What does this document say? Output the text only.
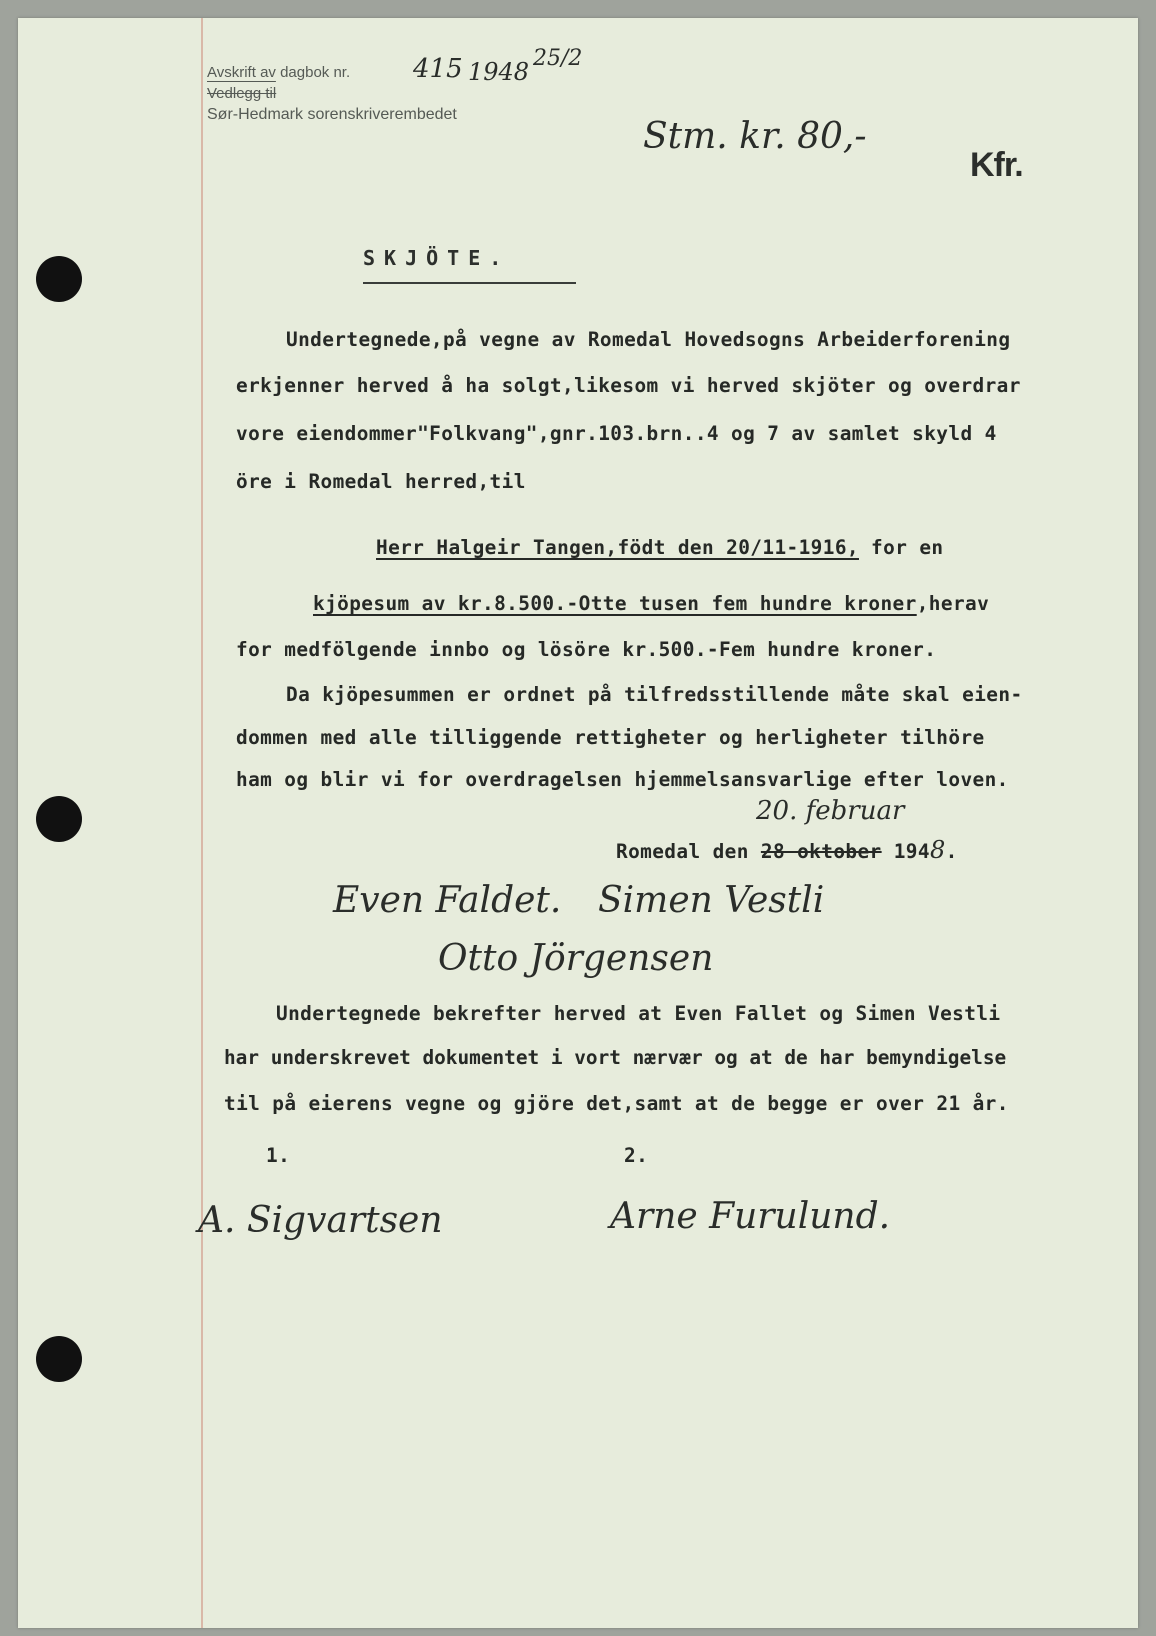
Avskrift av dagbok nr.
Vedlegg til
Sør-Hedmark sorenskriverembedet
415 1948 25/2
Stm. kr. 80,-
Kfr.
SKJÖTE.
Undertegnede,på vegne av Romedal Hovedsogns Arbeiderforening
erkjenner herved å ha solgt,likesom vi herved skjöter og overdrar
vore eiendommer"Folkvang",gnr.103.brn..4 og 7 av samlet skyld 4
öre i Romedal herred,til
Herr Halgeir Tangen,födt den 20/11-1916, for en
kjöpesum av kr.8.500.-Otte tusen fem hundre kroner,herav
for medfölgende innbo og lösöre kr.500.-Fem hundre kroner.
Da kjöpesummen er ordnet på tilfredsstillende måte skal eien-
dommen med alle tilliggende rettigheter og herligheter tilhöre
ham og blir vi for overdragelsen hjemmelsansvarlige efter loven.
20. februar
Romedal den 28 oktober 1948.
Even Faldet. Simen Vestli
Otto Jörgensen
Undertegnede bekrefter herved at Even Fallet og Simen Vestli
har underskrevet dokumentet i vort nærvær og at de har bemyndigelse
til på eierens vegne og gjöre det,samt at de begge er over 21 år.
1.	2.
A. Sigvartsen	Arne Furulund.
